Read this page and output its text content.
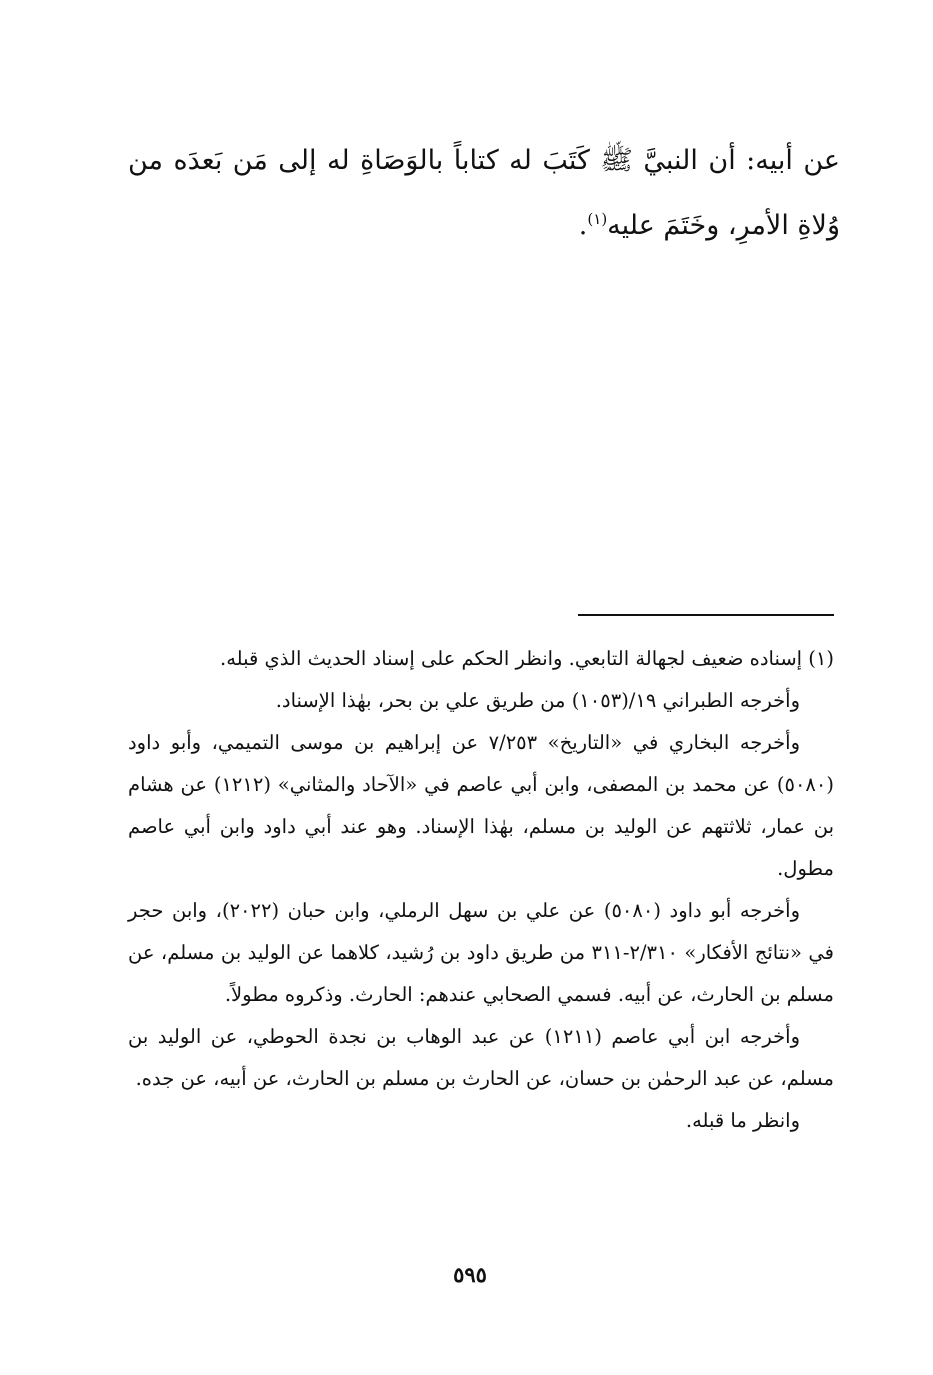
عن أبيه: أن النبيَّ ﷺ كَتَبَ له كتاباً بالوَصَاةِ له إلى مَن بَعدَه من وُلاةِ الأمرِ، وخَتَمَ عليه$^{(١)}$.

(١) إسناده ضعيف لجهالة التابعي. وانظر الحكم على إسناد الحديث الذي قبله.

وأخرجه الطبراني ١٩/(١٠٥٣) من طريق علي بن بحر، بهٰذا الإسناد.

وأخرجه البخاري في «التاريخ» ٧/٢٥٣ عن إبراهيم بن موسى التميمي، وأبو داود (٥٠٨٠) عن محمد بن المصفى، وابن أبي عاصم في «الآحاد والمثاني» (١٢١٢) عن هشام بن عمار، ثلاثتهم عن الوليد بن مسلم، بهٰذا الإسناد. وهو عند أبي داود وابن أبي عاصم مطول.

وأخرجه أبو داود (٥٠٨٠) عن علي بن سهل الرملي، وابن حبان (٢٠٢٢)، وابن حجر في «نتائج الأفكار» ٢/٣١٠-٣١١ من طريق داود بن رُشيد، كلاهما عن الوليد بن مسلم، عن مسلم بن الحارث، عن أبيه. فسمي الصحابي عندهم: الحارث. وذكروه مطولاً.

وأخرجه ابن أبي عاصم (١٢١١) عن عبد الوهاب بن نجدة الحوطي، عن الوليد بن مسلم، عن عبد الرحمٰن بن حسان، عن الحارث بن مسلم بن الحارث، عن أبيه، عن جده.

وانظر ما قبله.

٥٩٥
